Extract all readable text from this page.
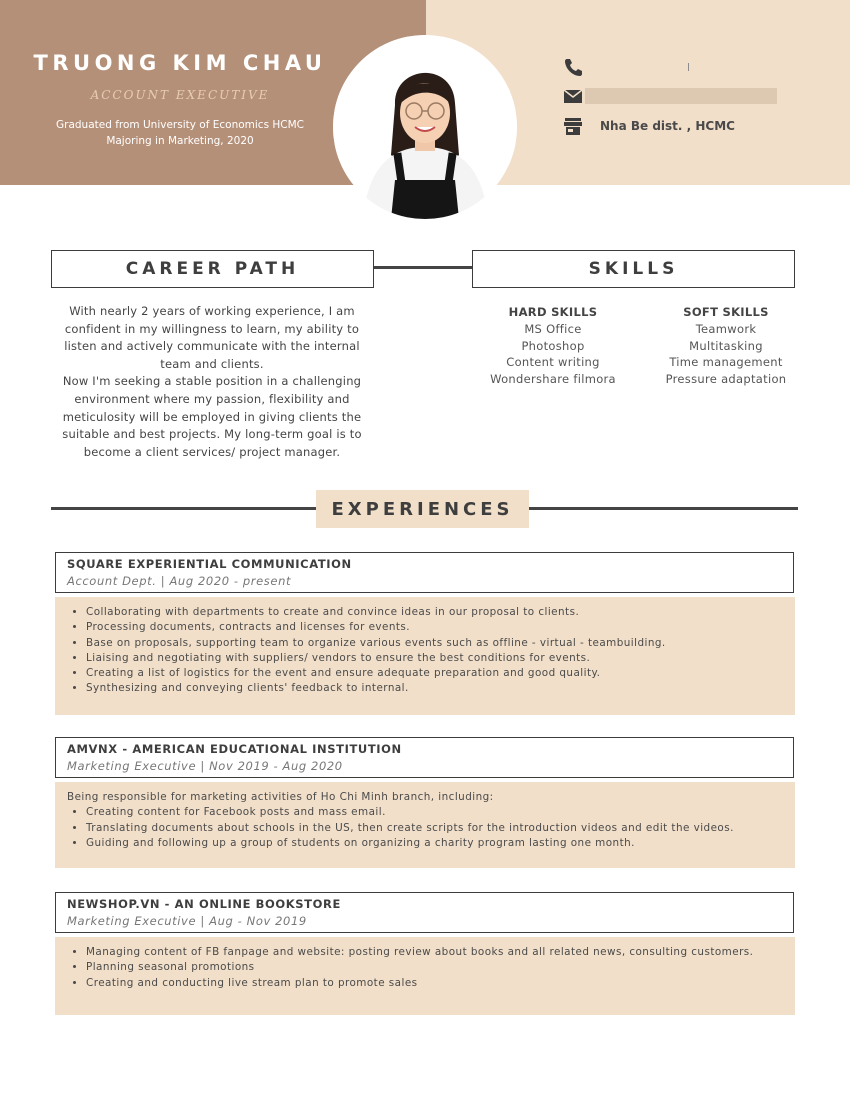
TRUONG KIM CHAU
ACCOUNT EXECUTIVE
Graduated from University of Economics HCMC
Majoring in Marketing, 2020
Nha Be dist. , HCMC
CAREER PATH	SKILLS
With nearly 2 years of working experience, I am confident in my willingness to learn, my ability to listen and actively communicate with the internal team and clients.
Now I'm seeking a stable position in a challenging environment where my passion, flexibility and meticulosity will be employed in giving clients the suitable and best projects. My long-term goal is to become a client services/ project manager.
HARD SKILLS
MS Office
Photoshop
Content writing
Wondershare filmora
SOFT SKILLS
Teamwork
Multitasking
Time management
Pressure adaptation
EXPERIENCES
SQUARE EXPERIENTIAL COMMUNICATION
Account Dept. | Aug 2020 - present
• Collaborating with departments to create and convince ideas in our proposal to clients.
• Processing documents, contracts and licenses for events.
• Base on proposals, supporting team to organize various events such as offline - virtual - teambuilding.
• Liaising and negotiating with suppliers/ vendors to ensure the best conditions for events.
• Creating a list of logistics for the event and ensure adequate preparation and good quality.
• Synthesizing and conveying clients' feedback to internal.
AMVNX - AMERICAN EDUCATIONAL INSTITUTION
Marketing Executive | Nov 2019 - Aug 2020

Being responsible for marketing activities of Ho Chi Minh branch, including:

• Creating content for Facebook posts and mass email.
• Translating documents about schools in the US, then create scripts for the introduction videos and edit the videos.
• Guiding and following up a group of students on organizing a charity program lasting one month.
NEWSHOP.VN - AN ONLINE BOOKSTORE
Marketing Executive | Aug - Nov 2019
• Managing content of FB fanpage and website: posting review about books and all related news, consulting customers.
• Planning seasonal promotions
• Creating and conducting live stream plan to promote sales
